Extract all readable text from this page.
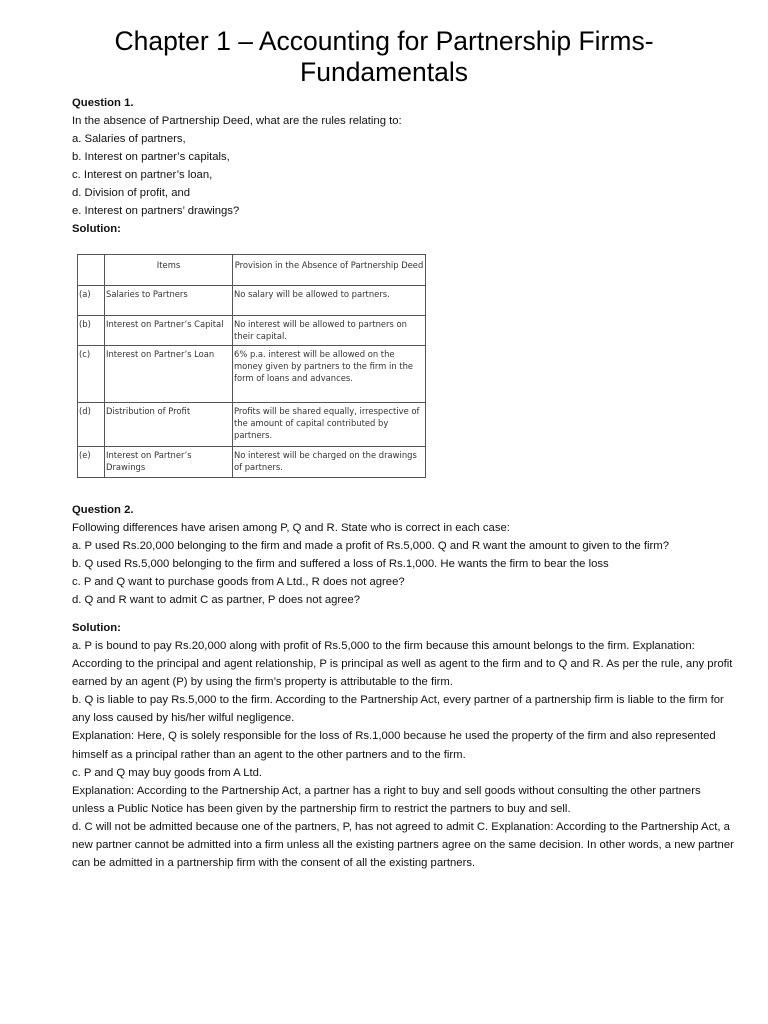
Chapter 1 – Accounting for Partnership Firms-
Fundamentals

Question 1.

In the absence of Partnership Deed, what are the rules relating to:

a. Salaries of partners,

b. Interest on partner’s capitals,

c. Interest on partner’s loan,

d. Division of profit, and

e. Interest on partners’ drawings?

Solution:

	Items	Provision in the Absence of Partnership Deed
(a)	Salaries to Partners	No salary will be allowed to partners.
(b)	Interest on Partner’s Capital	No interest will be allowed to partners on their capital.
(c)	Interest on Partner’s Loan	6% p.a. interest will be allowed on the money given by partners to the firm in the form of loans and advances.
(d)	Distribution of Profit	Profits will be shared equally, irrespective of the amount of capital contributed by partners.
(e)	Interest on Partner’s Drawings	No interest will be charged on the drawings of partners.

Question 2.

Following differences have arisen among P, Q and R. State who is correct in each case:

a. P used Rs.20,000 belonging to the firm and made a profit of Rs.5,000. Q and R want the amount to given to the firm?

b. Q used Rs.5,000 belonging to the firm and suffered a loss of Rs.1,000. He wants the firm to bear the loss

c. P and Q want to purchase goods from A Ltd., R does not agree?

d. Q and R want to admit C as partner, P does not agree?

Solution:

a. P is bound to pay Rs.20,000 along with profit of Rs.5,000 to the firm because this amount belongs to the firm. Explanation: According to the principal and agent relationship, P is principal as well as agent to the firm and to Q and R. As per the rule, any profit earned by an agent (P) by using the firm’s property is attributable to the firm.

b. Q is liable to pay Rs.5,000 to the firm. According to the Partnership Act, every partner of a partnership firm is liable to the firm for any loss caused by his/her wilful negligence.

Explanation: Here, Q is solely responsible for the loss of Rs.1,000 because he used the property of the firm and also represented himself as a principal rather than an agent to the other partners and to the firm.

c. P and Q may buy goods from A Ltd.

Explanation: According to the Partnership Act, a partner has a right to buy and sell goods without consulting the other partners unless a Public Notice has been given by the partnership firm to restrict the partners to buy and sell.

d. C will not be admitted because one of the partners, P, has not agreed to admit C. Explanation: According to the Partnership Act, a new partner cannot be admitted into a firm unless all the existing partners agree on the same decision. In other words, a new partner can be admitted in a partnership firm with the consent of all the existing partners.
